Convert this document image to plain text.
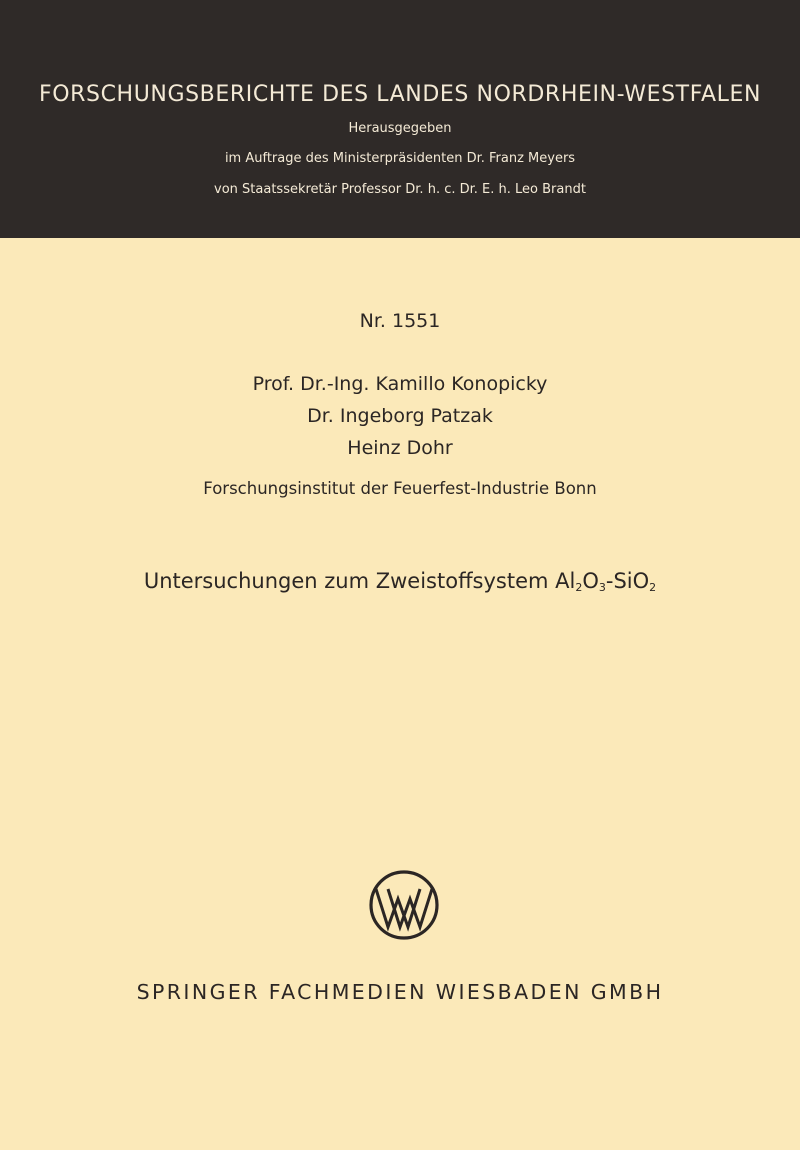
FORSCHUNGSBERICHTE DES LANDES NORDRHEIN-WESTFALEN
Herausgegeben
im Auftrage des Ministerpräsidenten Dr. Franz Meyers
von Staatssekretär Professor Dr. h. c. Dr. E. h. Leo Brandt
Nr. 1551
Prof. Dr.-Ing. Kamillo Konopicky
Dr. Ingeborg Patzak
Heinz Dohr
Forschungsinstitut der Feuerfest-Industrie Bonn
Untersuchungen zum Zweistoffsystem $Al_2O_3-SiO_2$
SPRINGER FACHMEDIEN WIESBADEN GMBH
